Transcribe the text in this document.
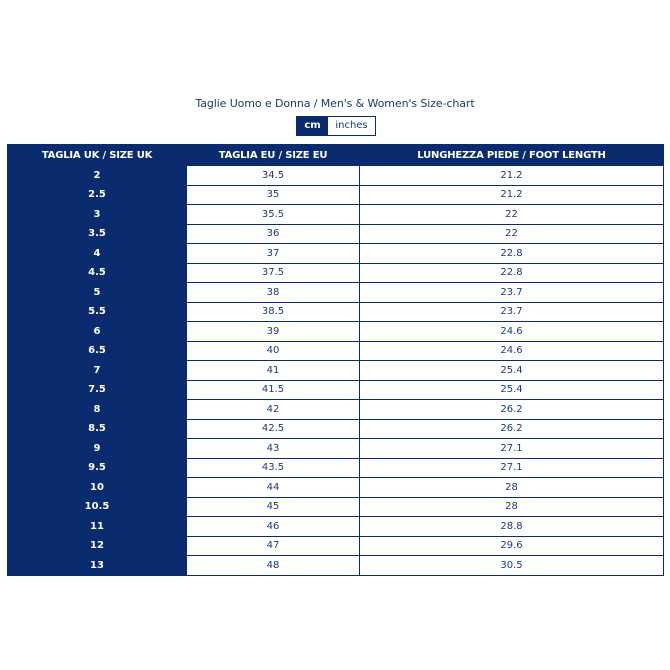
Taglie Uomo e Donna / Men's & Women's Size-chart
cm	inches
TAGLIA UK / SIZE UK	TAGLIA EU / SIZE EU	LUNGHEZZA PIEDE / FOOT LENGTH
2	34.5	21.2
2.5	35	21.2
3	35.5	22
3.5	36	22
4	37	22.8
4.5	37.5	22.8
5	38	23.7
5.5	38.5	23.7
6	39	24.6
6.5	40	24.6
7	41	25.4
7.5	41.5	25.4
8	42	26.2
8.5	42.5	26.2
9	43	27.1
9.5	43.5	27.1
10	44	28
10.5	45	28
11	46	28.8
12	47	29.6
13	48	30.5
